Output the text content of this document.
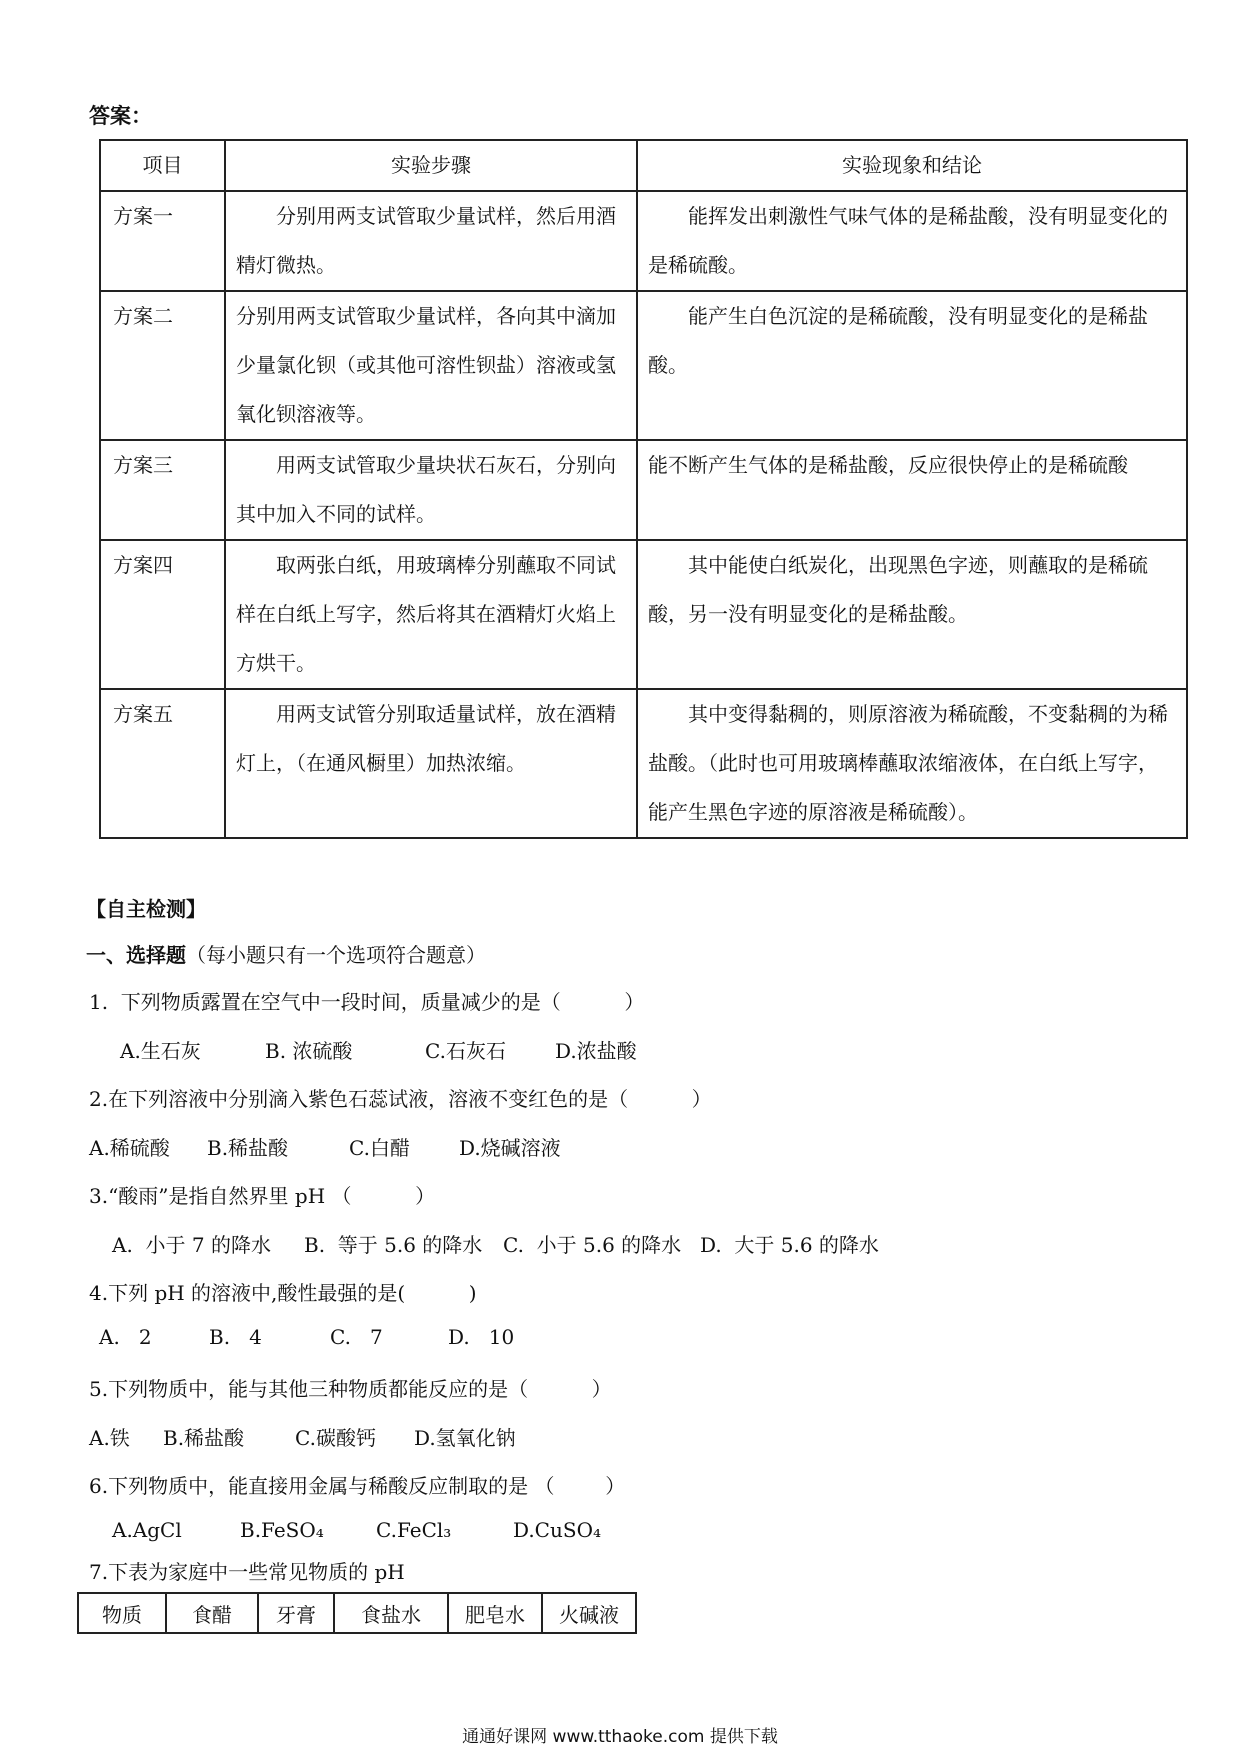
答案：
项目	实验步骤	实验现象和结论
方案一	分别用两支试管取少量试样，然后用酒精灯微热。	能挥发出刺激性气味气体的是稀盐酸，没有明显变化的是稀硫酸。
方案二	分别用两支试管取少量试样，各向其中滴加少量氯化钡（或其他可溶性钡盐）溶液或氢氧化钡溶液等。	能产生白色沉淀的是稀硫酸，没有明显变化的是稀盐酸。
方案三	用两支试管取少量块状石灰石，分别向其中加入不同的试样。	能不断产生气体的是稀盐酸，反应很快停止的是稀硫酸
方案四	取两张白纸，用玻璃棒分别蘸取不同试样在白纸上写字，然后将其在酒精灯火焰上方烘干。	其中能使白纸炭化，出现黑色字迹，则蘸取的是稀硫酸，另一没有明显变化的是稀盐酸。
方案五	用两支试管分别取适量试样，放在酒精灯上，（在通风橱里）加热浓缩。	其中变得黏稠的，则原溶液为稀硫酸，不变黏稠的为稀盐酸。（此时也可用玻璃棒蘸取浓缩液体，在白纸上写字，能产生黑色字迹的原溶液是稀硫酸）。
【自主检测】
一、选择题（每小题只有一个选项符合题意）
1.  下列物质露置在空气中一段时间，质量减少的是（          ）
A.生石灰	B. 浓硫酸	C.石灰石 D.浓盐酸
2.在下列溶液中分别滴入紫色石蕊试液，溶液不变红色的是（          ）
A.稀硫酸 B.稀盐酸	C.白醋 D.烧碱溶液
3.“酸雨”是指自然界里 pH （          ）
A.  小于 7 的降水 B.  等于 5.6 的降水 C.  小于 5.6 的降水 D.  大于 5.6 的降水
4.下列 pH 的溶液中,酸性最强的是(          )
A.   2	B.   4	C.   7	D.   10
5.下列物质中，能与其他三种物质都能反应的是（          ）
A.铁 B.稀盐酸	C.碳酸钙 D.氢氧化钠
6.下列物质中，能直接用金属与稀酸反应制取的是 （        ）
A.AgCl	B.FeSO₄	C.FeCl₃	D.CuSO₄
7.下表为家庭中一些常见物质的 pH
物质	食醋	牙膏	食盐水	肥皂水	火碱液
通通好课网 www.tthaoke.com 提供下载
